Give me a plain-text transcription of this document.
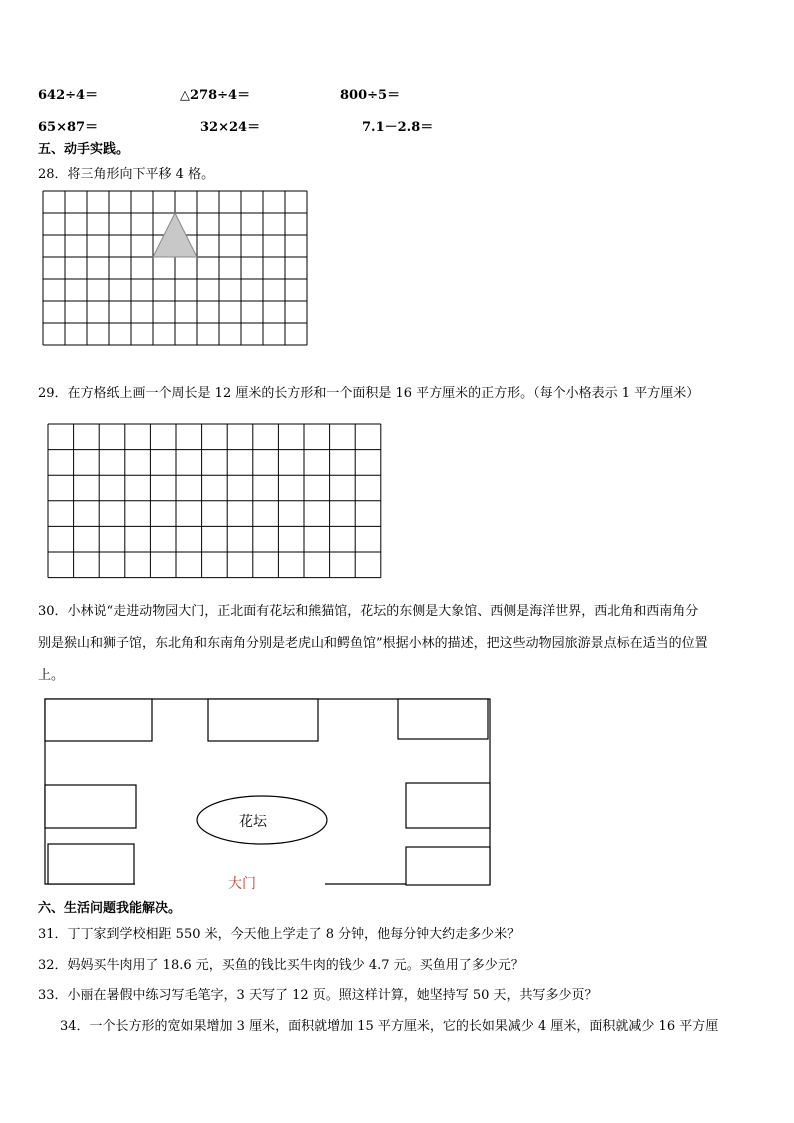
642÷4＝	△278÷4＝	800÷5＝
65×87＝	32×24＝	7.1－2.8＝
五、动手实践。
28．将三角形向下平移 4 格。
29．在方格纸上画一个周长是 12 厘米的长方形和一个面积是 16 平方厘米的正方形。（每个小格表示 1 平方厘米）
30．小林说“走进动物园大门，正北面有花坛和熊猫馆，花坛的东侧是大象馆、西侧是海洋世界，西北角和西南角分
别是猴山和狮子馆，东北角和东南角分别是老虎山和鳄鱼馆”根据小林的描述，把这些动物园旅游景点标在适当的位置
上。
花坛
大门
六、生活问题我能解决。
31．丁丁家到学校相距 550 米，今天他上学走了 8 分钟，他每分钟大约走多少米？
32．妈妈买牛肉用了 18.6 元，买鱼的钱比买牛肉的钱少 4.7 元。买鱼用了多少元？
33．小丽在暑假中练习写毛笔字，3 天写了 12 页。照这样计算，她坚持写 50 天，共写多少页？
34．一个长方形的宽如果增加 3 厘米，面积就增加 15 平方厘米，它的长如果减少 4 厘米，面积就减少 16 平方厘
